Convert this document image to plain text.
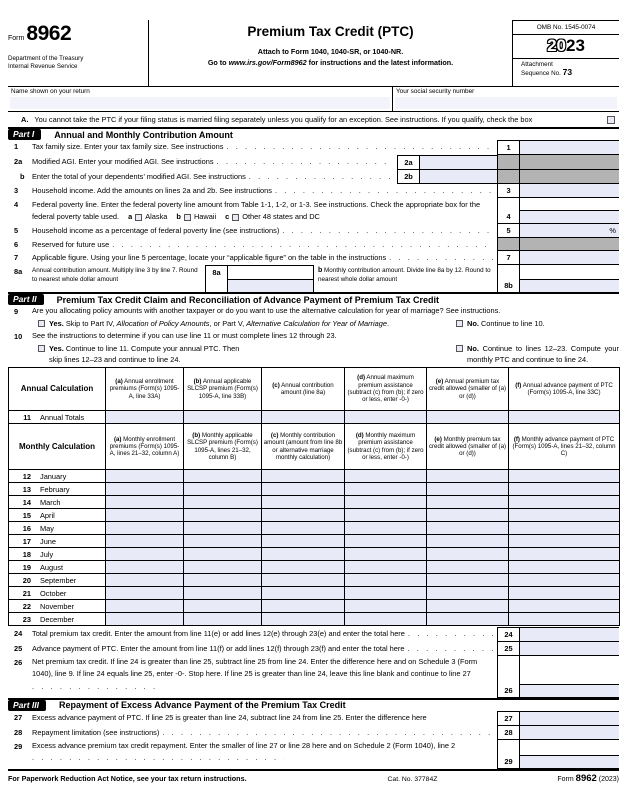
Form 8962
Department of the Treasury
Internal Revenue Service
Premium Tax Credit (PTC)
Attach to Form 1040, 1040-SR, or 1040-NR.
Go to www.irs.gov/Form8962 for instructions and the latest information.
OMB No. 1545-0074
2023
Attachment
Sequence No. 73
Name shown on your return	Your social security number
A. You cannot take the PTC if your filing status is married filing separately unless you qualify for an exception. See instructions. If you qualify, check the box
Part I	Annual and Monthly Contribution Amount
1	Tax family size. Enter your tax family size. See instructions . . .	1
2a	Modified AGI. Enter your modified AGI. See instructions . . .	2a
b	Enter the total of your dependents’ modified AGI. See instructions . . .	2b
3	Household income. Add the amounts on lines 2a and 2b. See instructions . . .	3
4	Federal poverty line. Enter the federal poverty line amount from Table 1-1, 1-2, or 1-3. See instructions. Check the appropriate box for the federal poverty table used. a Alaska b Hawaii c Other 48 states and DC	4
5	Household income as a percentage of federal poverty line (see instructions) . . .	5	%
6	Reserved for future use
. . .
7	Applicable figure. Using your line 5 percentage, locate your “applicable figure” on the table in the instructions . . .	7
8a	Annual contribution amount. Multiply line 3 by line 7. Round to nearest whole dollar amount
8a	b Monthly contribution amount. Divide line 8a by 12. Round to nearest whole dollar amount
8b
Part II	Premium Tax Credit Claim and Reconciliation of Advance Payment of Premium Tax Credit
9	Are you allocating policy amounts with another taxpayer or do you want to use the alternative calculation for year of marriage? See instructions.
Yes. Skip to Part IV, Allocation of Policy Amounts, or Part V, Alternative Calculation for Year of Marriage.	No. Continue to line 10.
10	See the instructions to determine if you can use line 11 or must complete lines 12 through 23.
Yes. Continue to line 11. Compute your annual PTC. Then skip lines 12–23 and continue to line 24.
No. Continue to lines 12–23. Compute your monthly PTC and continue to line 24.
Annual Calculation	(a) Annual enrollment premiums (Form(s) 1095-A, line 33A)	(b) Annual applicable SLCSP premium (Form(s) 1095-A, line 33B)	(c) Annual contribution amount (line 8a)	(d) Annual maximum premium assistance (subtract (c) from (b); if zero or less, enter -0-)	(e) Annual premium tax credit allowed (smaller of (a) or (d))	(f) Annual advance payment of PTC (Form(s) 1095-A, line 33C)
11 Annual Totals						
Monthly Calculation	(a) Monthly enrollment premiums (Form(s) 1095-A, lines 21–32, column A)	(b) Monthly applicable SLCSP premium (Form(s) 1095-A, lines 21–32, column B)	(c) Monthly contribution amount (amount from line 8b or alternative marriage monthly calculation)	(d) Monthly maximum premium assistance (subtract (c) from (b); if zero or less, enter -0-)	(e) Monthly premium tax credit allowed (smaller of (a) or (d))	(f) Monthly advance payment of PTC (Form(s) 1095-A, lines 21–32, column C)
12 January						
13 February						
14 March						
15 April						
16 May						
17 June						
18 July						
19 August						
20 September						
21 October						
22 November						
23 December						
24	Total premium tax credit. Enter the amount from line 11(e) or add lines 12(e) through 23(e) and enter the total here . . .	24
25	Advance payment of PTC. Enter the amount from line 11(f) or add lines 12(f) through 23(f) and enter the total here . . .	25
26	Net premium tax credit. If line 24 is greater than line 25, subtract line 25 from line 24. Enter the difference here and on Schedule 3 (Form 1040), line 9. If line 24 equals line 25, enter -0-. Stop here. If line 25 is greater than line 24, leave this line blank and continue to line 27. . .
26
Part III	Repayment of Excess Advance Payment of the Premium Tax Credit
27	Excess advance payment of PTC. If line 25 is greater than line 24, subtract line 24 from line 25. Enter the difference here	27
28	Repayment limitation (see instructions) . . .	28
29	Excess advance premium tax credit repayment. Enter the smaller of line 27 or line 28 here and on Schedule 2 (Form 1040), line 2. . .
29
For Paperwork Reduction Act Notice, see your tax return instructions.	Cat. No. 37784Z	Form 8962 (2023)
